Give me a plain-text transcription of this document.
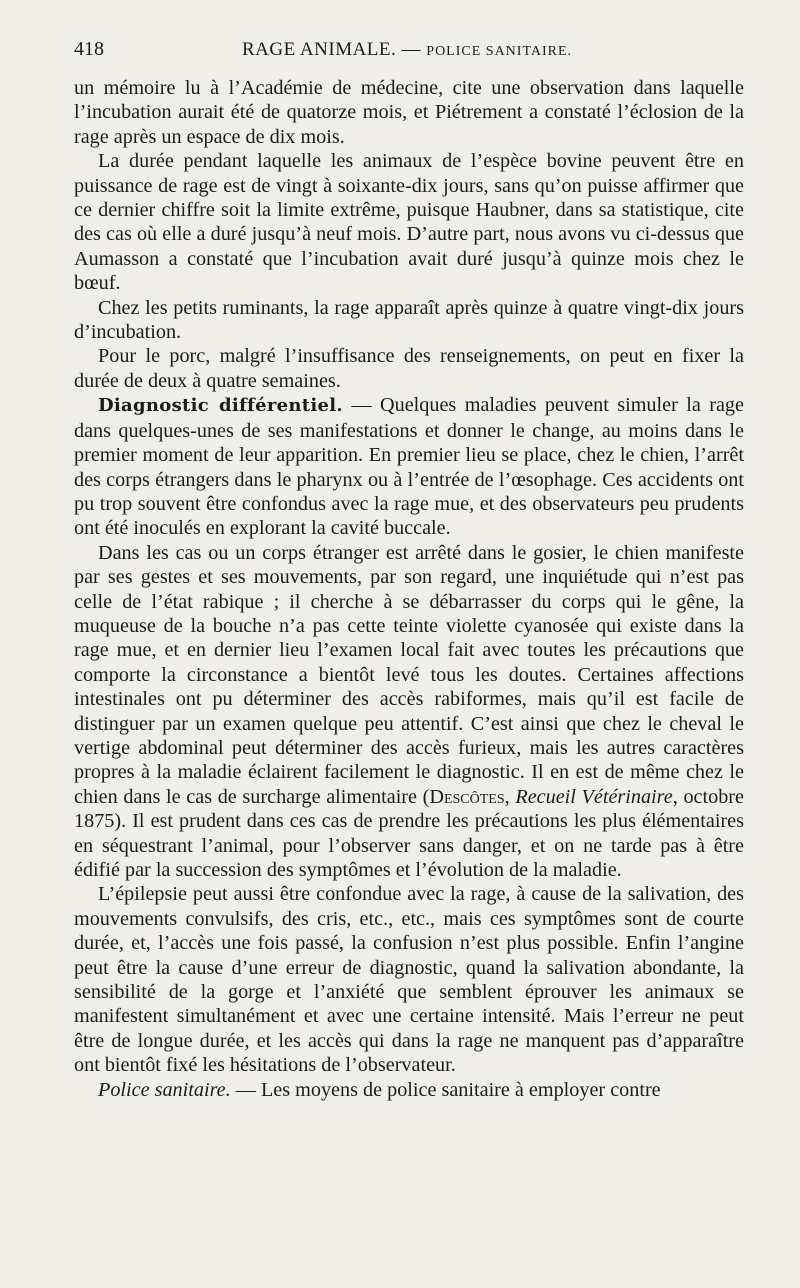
418	RAGE ANIMALE. — POLICE SANITAIRE.

un mémoire lu à l’Académie de médecine, cite une observation dans laquelle l’incubation aurait été de quatorze mois, et Piétrement a constaté l’éclosion de la rage après un espace de dix mois.

La durée pendant laquelle les animaux de l’espèce bovine peuvent être en puissance de rage est de vingt à soixante-dix jours, sans qu’on puisse affirmer que ce dernier chiffre soit la limite extrême, puisque Haubner, dans sa statistique, cite des cas où elle a duré jusqu’à neuf mois. D’autre part, nous avons vu ci-dessus que Aumasson a constaté que l’incubation avait duré jusqu’à quinze mois chez le bœuf.

Chez les petits ruminants, la rage apparaît après quinze à quatre vingt-dix jours d’incubation.

Pour le porc, malgré l’insuffisance des renseignements, on peut en fixer la durée de deux à quatre semaines.

Diagnostic différentiel. — Quelques maladies peuvent simuler la rage dans quelques-unes de ses manifestations et donner le change, au moins dans le premier moment de leur apparition. En premier lieu se place, chez le chien, l’arrêt des corps étrangers dans le pharynx ou à l’entrée de l’œsophage. Ces accidents ont pu trop souvent être confondus avec la rage mue, et des observateurs peu prudents ont été inoculés en explorant la cavité buccale.

Dans les cas ou un corps étranger est arrêté dans le gosier, le chien manifeste par ses gestes et ses mouvements, par son regard, une inquiétude qui n’est pas celle de l’état rabique ; il cherche à se débarrasser du corps qui le gêne, la muqueuse de la bouche n’a pas cette teinte violette cyanosée qui existe dans la rage mue, et en dernier lieu l’examen local fait avec toutes les précautions que comporte la circonstance a bientôt levé tous les doutes. Certaines affections intestinales ont pu déterminer des accès rabiformes, mais qu’il est facile de distinguer par un examen quelque peu attentif. C’est ainsi que chez le cheval le vertige abdominal peut déterminer des accès furieux, mais les autres caractères propres à la maladie éclairent facilement le diagnostic. Il en est de même chez le chien dans le cas de surcharge alimentaire (Descôtes, Recueil Vétérinaire, octobre 1875). Il est prudent dans ces cas de prendre les précautions les plus élémentaires en séquestrant l’animal, pour l’observer sans danger, et on ne tarde pas à être édifié par la succession des symptômes et l’évolution de la maladie.

L’épilepsie peut aussi être confondue avec la rage, à cause de la salivation, des mouvements convulsifs, des cris, etc., etc., mais ces symptômes sont de courte durée, et, l’accès une fois passé, la confusion n’est plus possible. Enfin l’angine peut être la cause d’une erreur de diagnostic, quand la salivation abondante, la sensibilité de la gorge et l’anxiété que semblent éprouver les animaux se manifestent simultanément et avec une certaine intensité. Mais l’erreur ne peut être de longue durée, et les accès qui dans la rage ne manquent pas d’apparaître ont bientôt fixé les hésitations de l’observateur.

Police sanitaire. — Les moyens de police sanitaire à employer contre
